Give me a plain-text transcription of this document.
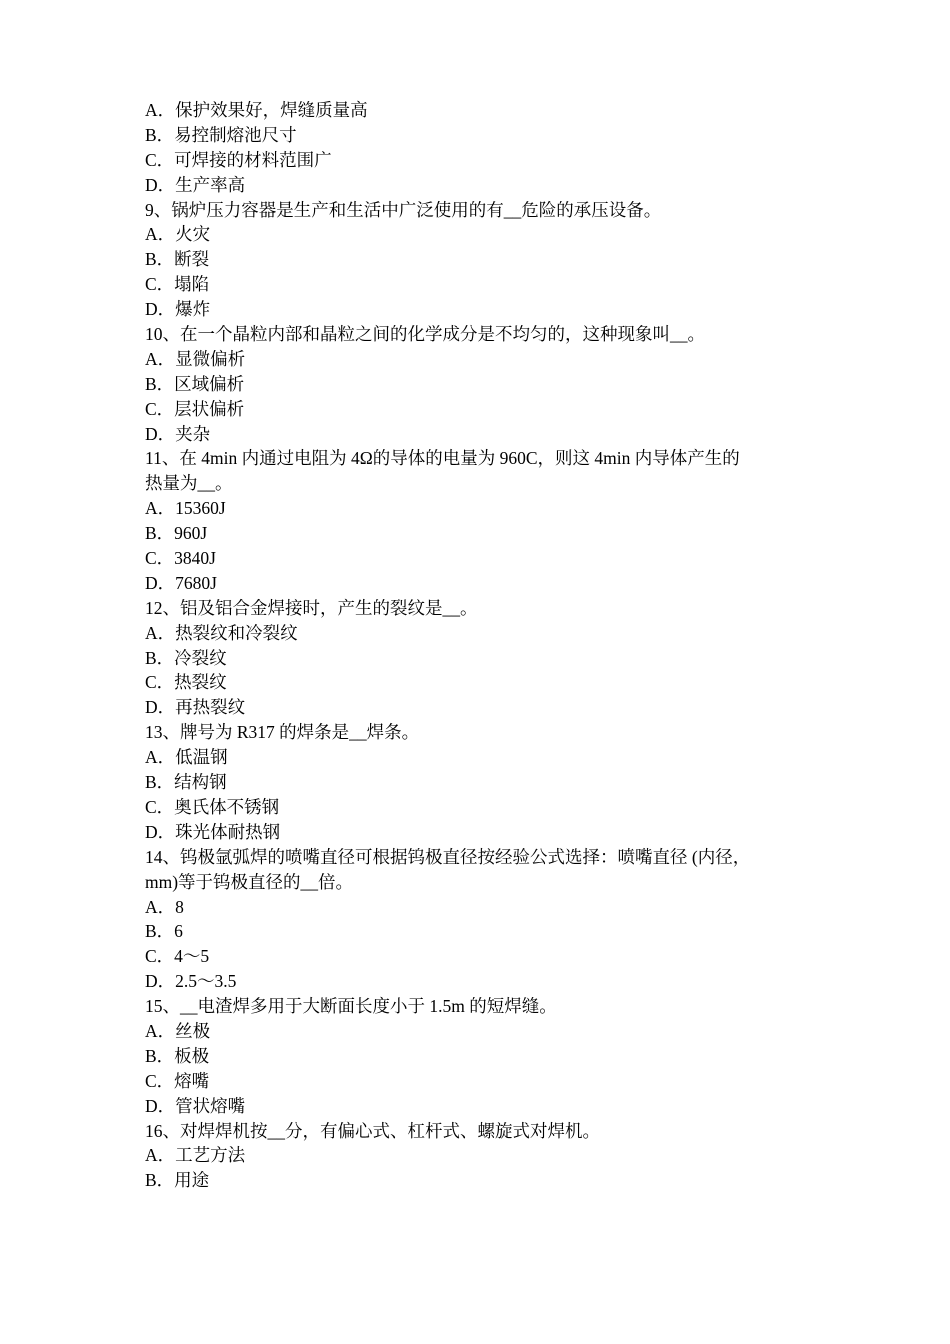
A．保护效果好，焊缝质量高
B．易控制熔池尺寸
C．可焊接的材料范围广
D．生产率高
9、锅炉压力容器是生产和生活中广泛使用的有__危险的承压设备。
A．火灾
B．断裂
C．塌陷
D．爆炸
10、在一个晶粒内部和晶粒之间的化学成分是不均匀的，这种现象叫__。
A．显微偏析
B．区域偏析
C．层状偏析
D．夹杂
11、在 4min 内通过电阻为 4Ω的导体的电量为 960C，则这 4min 内导体产生的
热量为__。
A．15360J
B．960J
C．3840J
D．7680J
12、铝及铝合金焊接时，产生的裂纹是__。
A．热裂纹和冷裂纹
B．冷裂纹
C．热裂纹
D．再热裂纹
13、牌号为 R317 的焊条是__焊条。
A．低温钢
B．结构钢
C．奥氏体不锈钢
D．珠光体耐热钢
14、钨极氩弧焊的喷嘴直径可根据钨极直径按经验公式选择：喷嘴直径 (内径，
mm)等于钨极直径的__倍。
A．8
B．6
C．4～5
D．2.5～3.5
15、__电渣焊多用于大断面长度小于 1.5m 的短焊缝。
A．丝极
B．板极
C．熔嘴
D．管状熔嘴
16、对焊焊机按__分，有偏心式、杠杆式、螺旋式对焊机。
A．工艺方法
B．用途
